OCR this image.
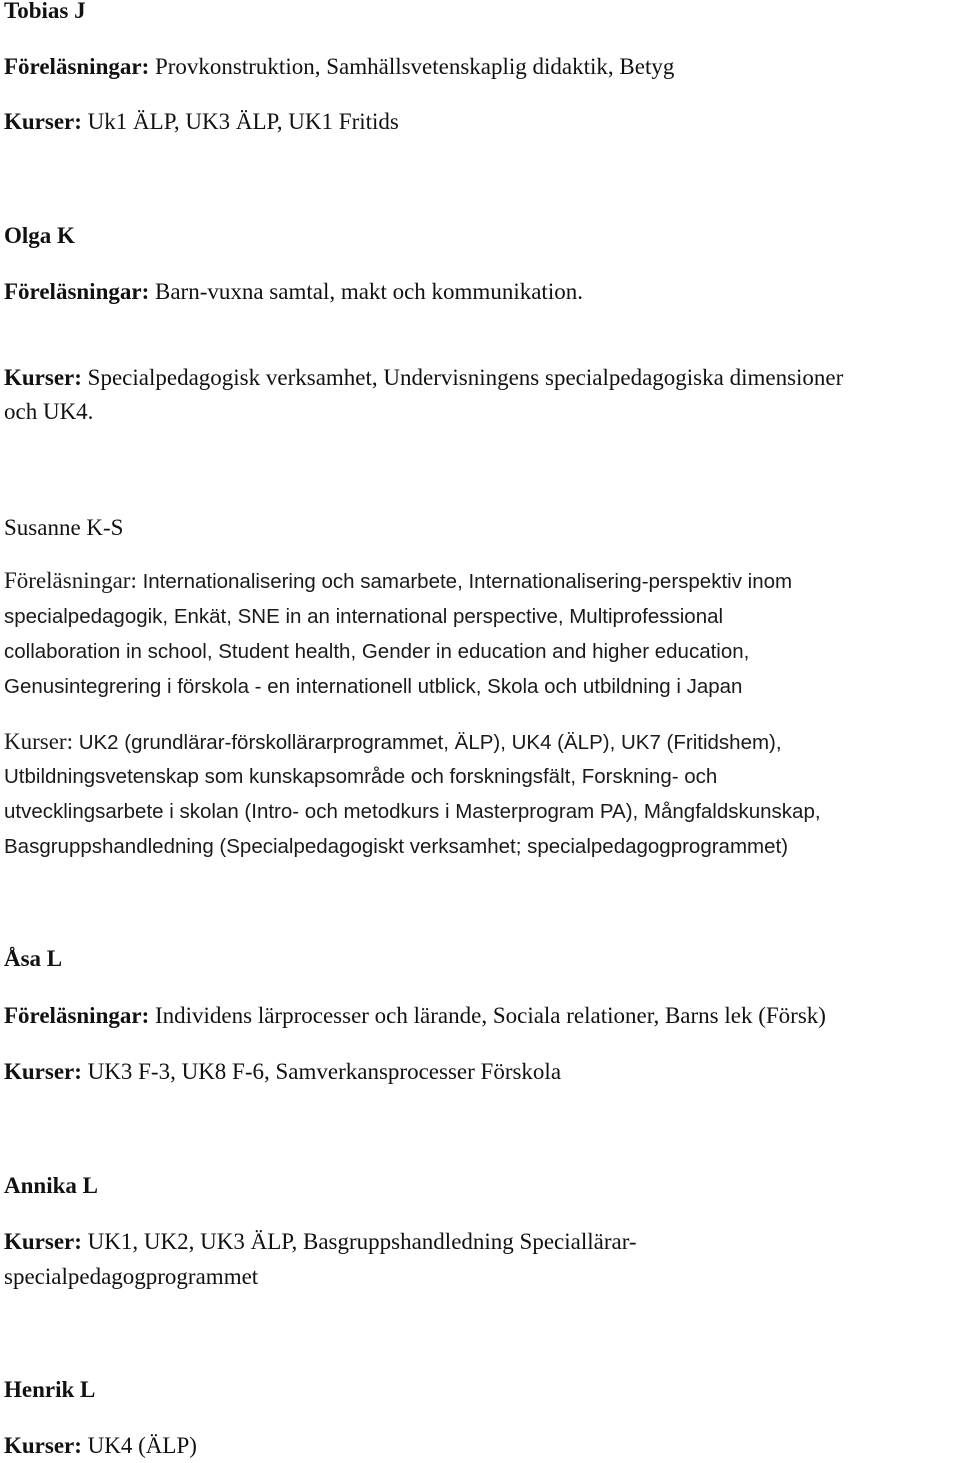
Tobias J
Föreläsningar: Provkonstruktion, Samhällsvetenskaplig didaktik, Betyg
Kurser: Uk1 ÄLP, UK3 ÄLP, UK1 Fritids
Olga K
Föreläsningar: Barn-vuxna samtal, makt och kommunikation.
Kurser: Specialpedagogisk verksamhet, Undervisningens specialpedagogiska dimensioner
och UK4.
Susanne K-S
Föreläsningar: Internationalisering och samarbete, Internationalisering-perspektiv inom
specialpedagogik, Enkät, SNE in an international perspective, Multiprofessional
collaboration in school, Student health, Gender in education and higher education,
Genusintegrering i förskola - en internationell utblick, Skola och utbildning i Japan
Kurser: UK2 (grundlärar-förskollärarprogrammet, ÄLP), UK4 (ÄLP), UK7 (Fritidshem),
Utbildningsvetenskap som kunskapsområde och forskningsfält, Forskning- och
utvecklingsarbete i skolan (Intro- och metodkurs i Masterprogram PA), Mångfaldskunskap,
Basgruppshandledning (Specialpedagogiskt verksamhet; specialpedagogprogrammet)
Åsa L
Föreläsningar: Individens lärprocesser och lärande, Sociala relationer, Barns lek (Försk)
Kurser: UK3 F-3, UK8 F-6, Samverkansprocesser Förskola
Annika L
Kurser: UK1, UK2, UK3 ÄLP, Basgruppshandledning Speciallärar-
specialpedagogprogrammet
Henrik L
Kurser: UK4 (ÄLP)
